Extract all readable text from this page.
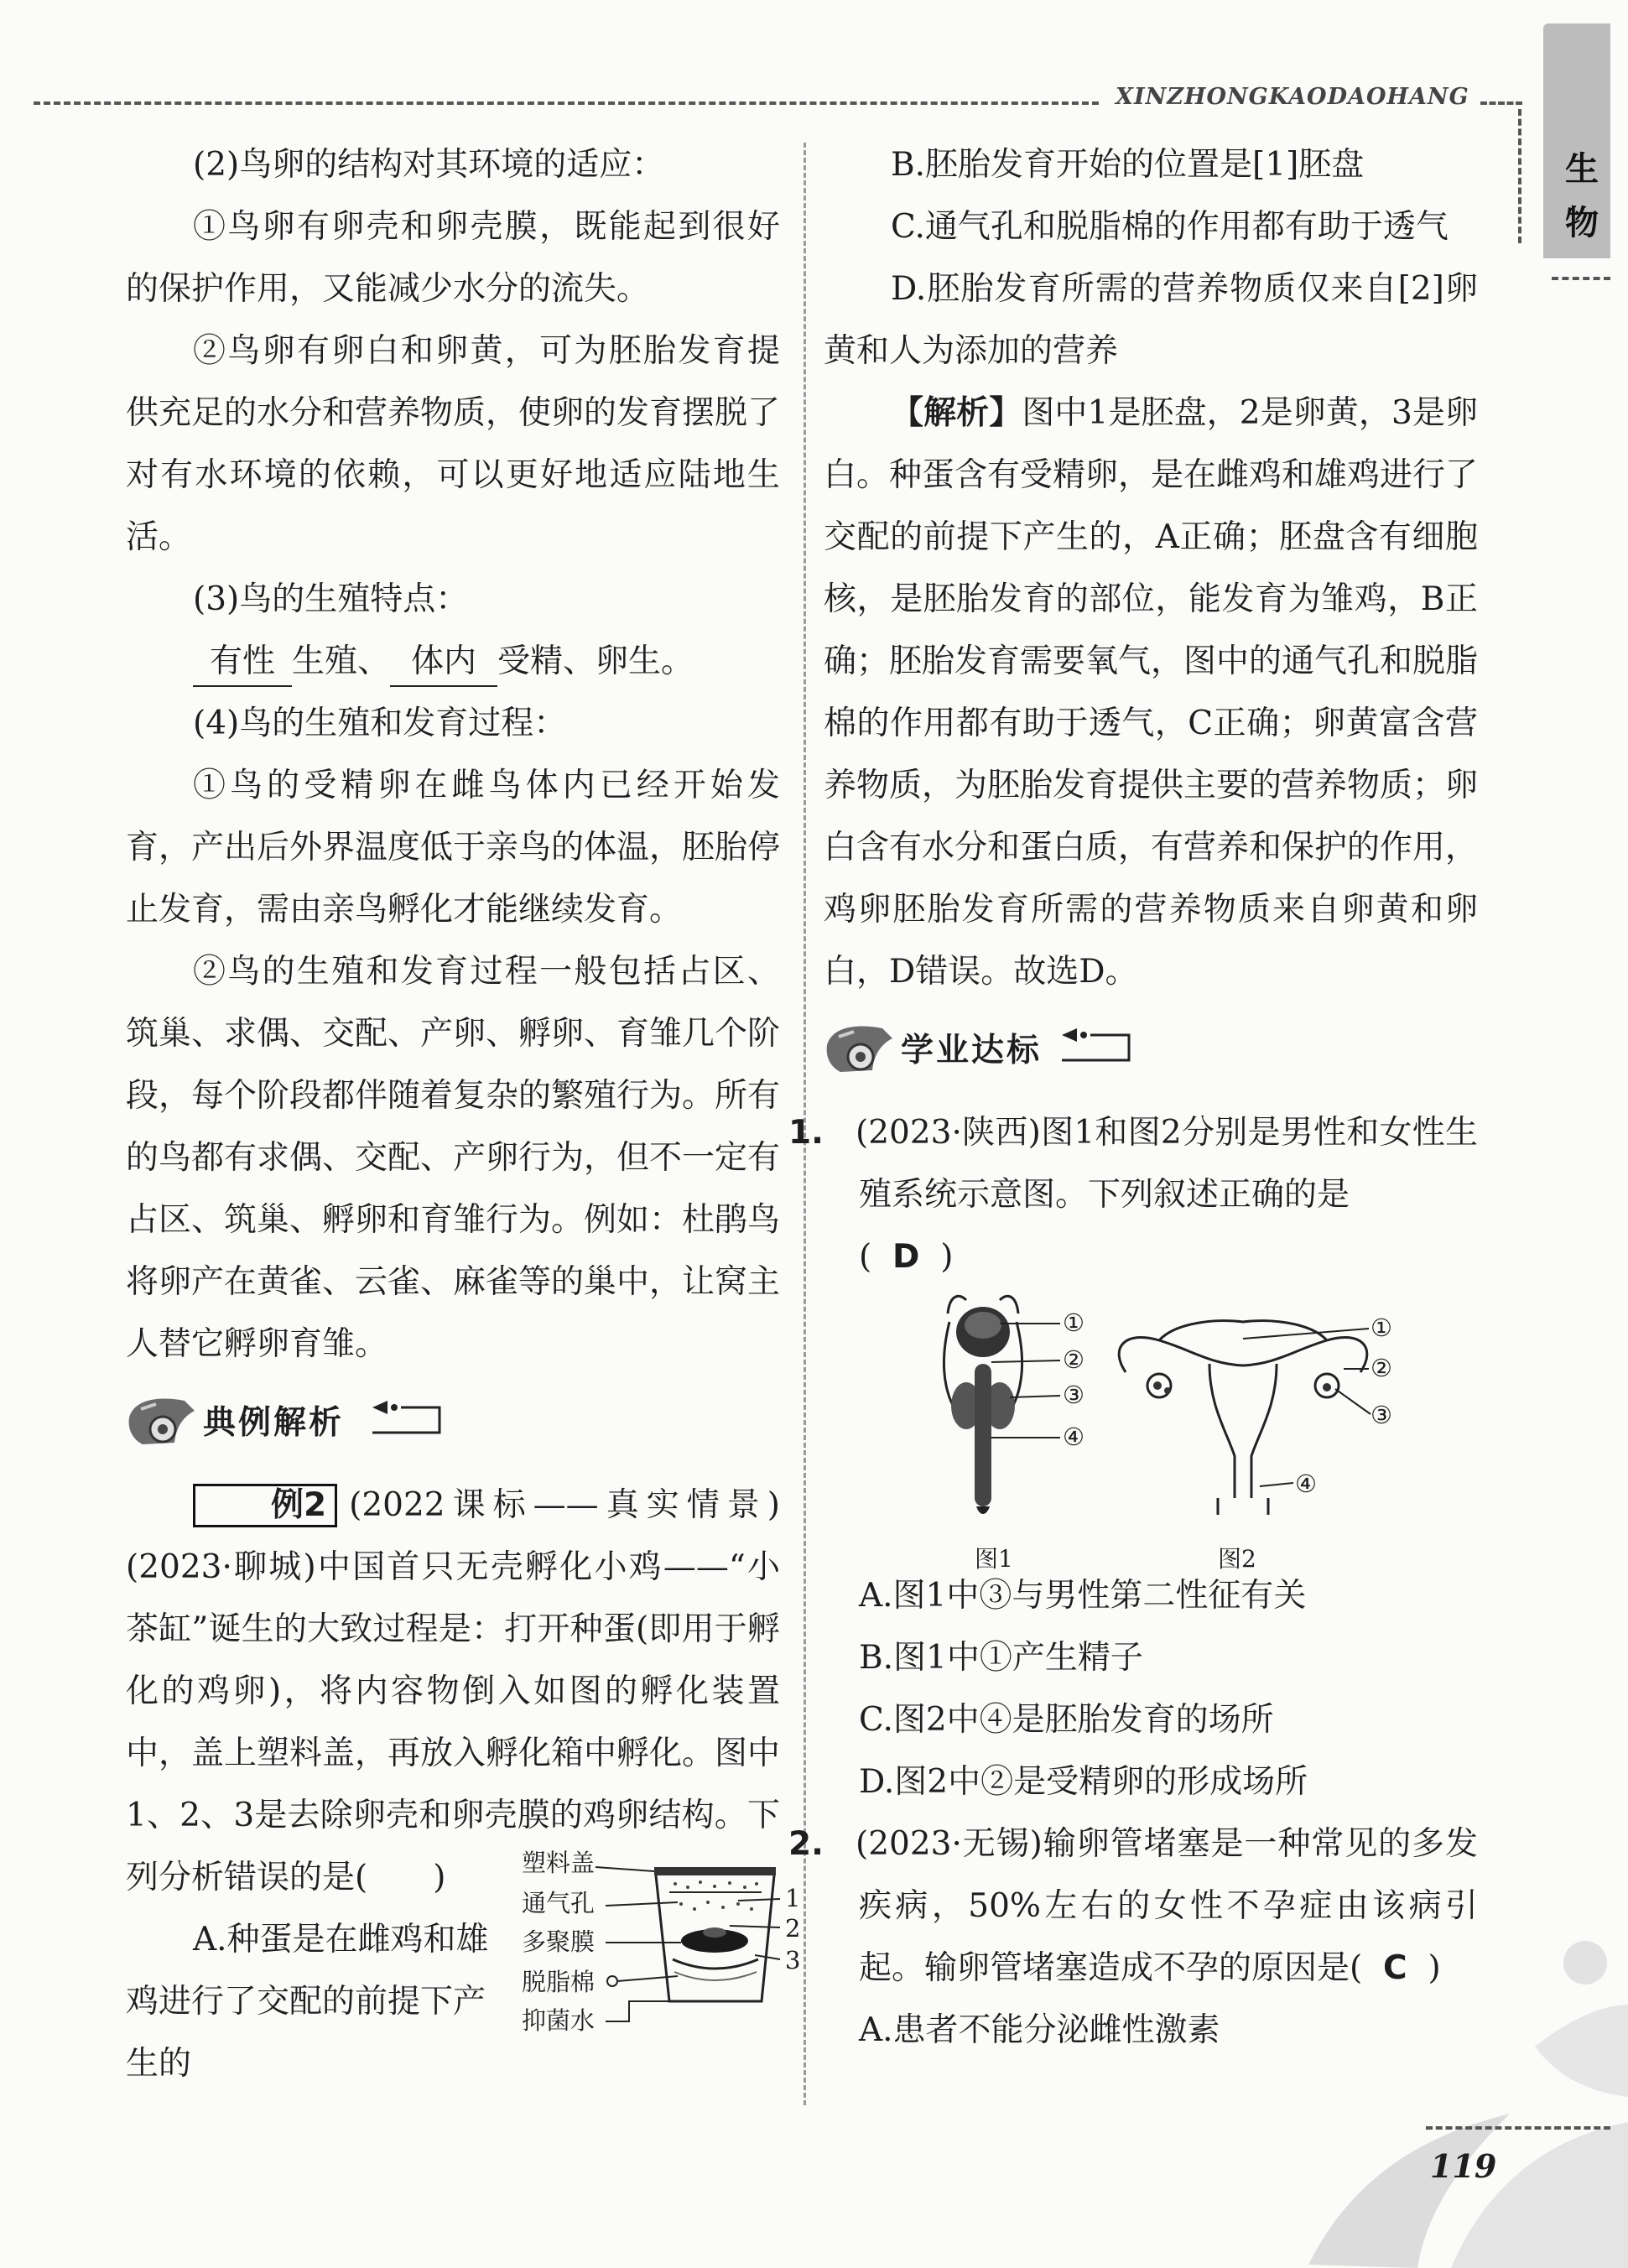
XINZHONGKAODAOHANG
生物

(2)鸟卵的结构对其环境的适应：

①鸟卵有卵壳和卵壳膜，既能起到很好的保护作用，又能减少水分的流失。

②鸟卵有卵白和卵黄，可为胚胎发育提供充足的水分和营养物质，使卵的发育摆脱了对有水环境的依赖，可以更好地适应陆地生活。

(3)鸟的生殖特点：

有性 生殖、 体内 受精、卵生。

(4)鸟的生殖和发育过程：

①鸟的受精卵在雌鸟体内已经开始发育，产出后外界温度低于亲鸟的体温，胚胎停止发育，需由亲鸟孵化才能继续发育。

②鸟的生殖和发育过程一般包括占区、筑巢、求偶、交配、产卵、孵卵、育雏几个阶段，每个阶段都伴随着复杂的繁殖行为。所有的鸟都有求偶、交配、产卵行为，但不一定有占区、筑巢、孵卵和育雏行为。例如：杜鹃鸟将卵产在黄雀、云雀、麻雀等的巢中，让窝主人替它孵卵育雏。

典例解析

例2 (2022课标——真实情景)(2023·聊城)中国首只无壳孵化小鸡——“小茶缸”诞生的大致过程是：打开种蛋(即用于孵化的鸡卵)，将内容物倒入如图的孵化装置中，盖上塑料盖，再放入孵化箱中孵化。图中1、2、3是去除卵壳和卵壳膜的鸡卵结构。下列分析错误的是(　　)

A.种蛋是在雌鸡和雄鸡进行了交配的前提下产生的

塑料盖
通气孔
多聚膜
脱脂棉
抑菌水
1
2
3

B.胚胎发育开始的位置是[1]胚盘

C.通气孔和脱脂棉的作用都有助于透气

D.胚胎发育所需的营养物质仅来自[2]卵黄和人为添加的营养

【解析】图中1是胚盘，2是卵黄，3是卵白。种蛋含有受精卵，是在雌鸡和雄鸡进行了交配的前提下产生的，A正确；胚盘含有细胞核，是胚胎发育的部位，能发育为雏鸡，B正确；胚胎发育需要氧气，图中的通气孔和脱脂棉的作用都有助于透气，C正确；卵黄富含营养物质，为胚胎发育提供主要的营养物质；卵白含有水分和蛋白质，有营养和保护的作用，鸡卵胚胎发育所需的营养物质来自卵黄和卵白，D错误。故选D。

学业达标

1. (2023·陕西)图1和图2分别是男性和女性生殖系统示意图。下列叙述正确的是

( D )

①
②
③
④
①
②
③
④
图1	图2

A.图1中③与男性第二性征有关

B.图1中①产生精子

C.图2中④是胚胎发育的场所

D.图2中②是受精卵的形成场所

2. (2023·无锡)输卵管堵塞是一种常见的多发疾病，50%左右的女性不孕症由该病引起。输卵管堵塞造成不孕的原因是( C )

A.患者不能分泌雌性激素

119
